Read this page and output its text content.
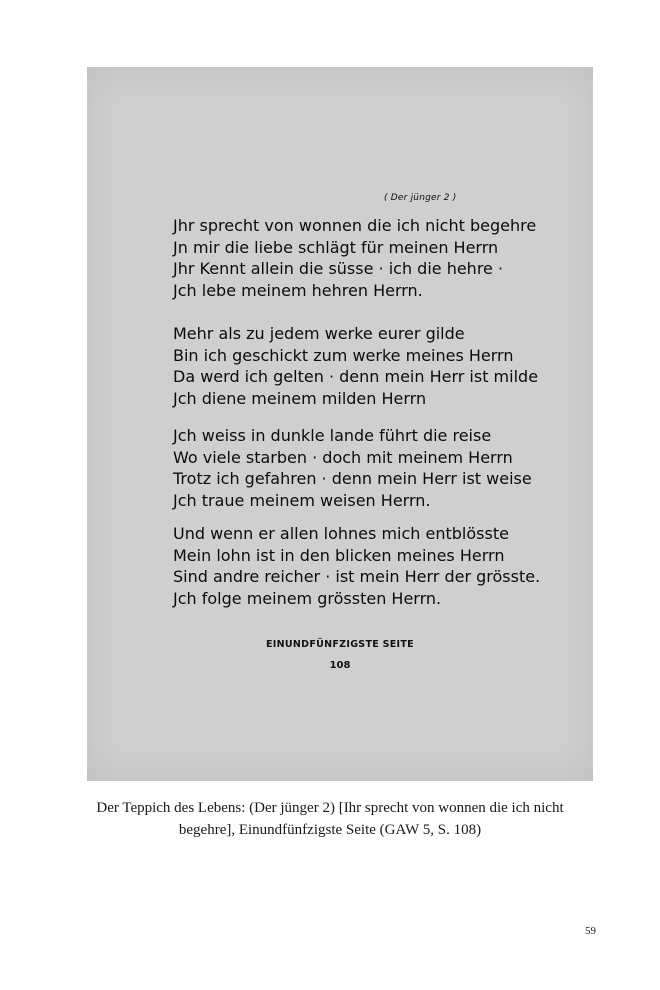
( Der jünger 2 )
Jhr sprecht von wonnen die ich nicht begehre
Jn mir die liebe schlägt für meinen Herrn
Jhr Kennt allein die süsse · ich die hehre ·
Jch lebe meinem hehren Herrn.
Mehr als zu jedem werke eurer gilde
Bin ich geschickt zum werke meines Herrn
Da werd ich gelten · denn mein Herr ist milde
Jch diene meinem milden Herrn
Jch weiss in dunkle lande führt die reise
Wo viele starben · doch mit meinem Herrn
Trotz ich gefahren · denn mein Herr ist weise
Jch traue meinem weisen Herrn.
Und wenn er allen lohnes mich entblösste
Mein lohn ist in den blicken meines Herrn
Sind andre reicher · ist mein Herr der grösste.
Jch folge meinem grössten Herrn.
EINUNDFÜNFZIGSTE SEITE
108
Der Teppich des Lebens: (Der jünger 2) [Ihr sprecht von wonnen die ich nicht begehre], Einundfünfzigste Seite (GAW 5, S. 108)
59
